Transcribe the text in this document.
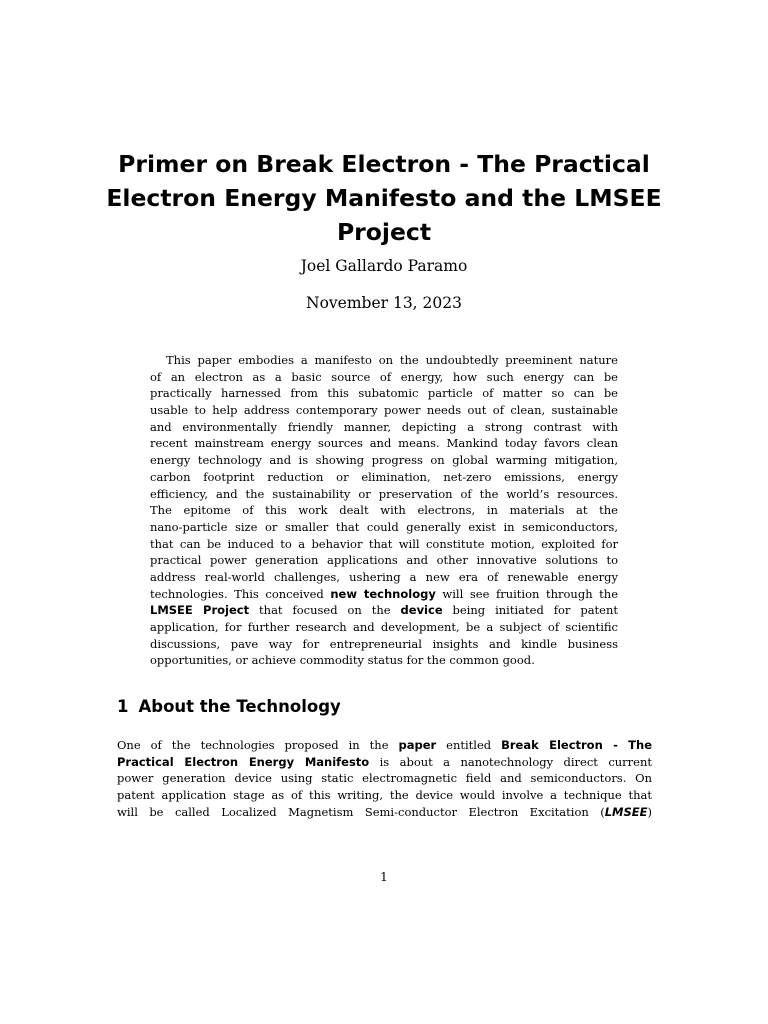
Primer on Break Electron - The Practical
Electron Energy Manifesto and the LMSEE
Project
Joel Gallardo Paramo
November 13, 2023
This paper embodies a manifesto on the undoubtedly preeminent nature
of an electron as a basic source of energy, how such energy can be
practically harnessed from this subatomic particle of matter so can be
usable to help address contemporary power needs out of clean, sustainable
and environmentally friendly manner, depicting a strong contrast with
recent mainstream energy sources and means. Mankind today favors clean
energy technology and is showing progress on global warming mitigation,
carbon footprint reduction or elimination, net-zero emissions, energy
efficiency, and the sustainability or preservation of the world’s resources.
The epitome of this work dealt with electrons, in materials at the
nano-particle size or smaller that could generally exist in semiconductors,
that can be induced to a behavior that will constitute motion, exploited for
practical power generation applications and other innovative solutions to
address real-world challenges, ushering a new era of renewable energy
technologies. This conceived new technology will see fruition through the
LMSEE Project that focused on the device being initiated for patent
application, for further research and development, be a subject of scientific
discussions, pave way for entrepreneurial insights and kindle business
opportunities, or achieve commodity status for the common good.
1 About the Technology
One of the technologies proposed in the paper entitled Break Electron - The
Practical Electron Energy Manifesto is about a nanotechnology direct current
power generation device using static electromagnetic field and semiconductors. On
patent application stage as of this writing, the device would involve a technique that
will be called Localized Magnetism Semi-conductor Electron Excitation (LMSEE)
1
